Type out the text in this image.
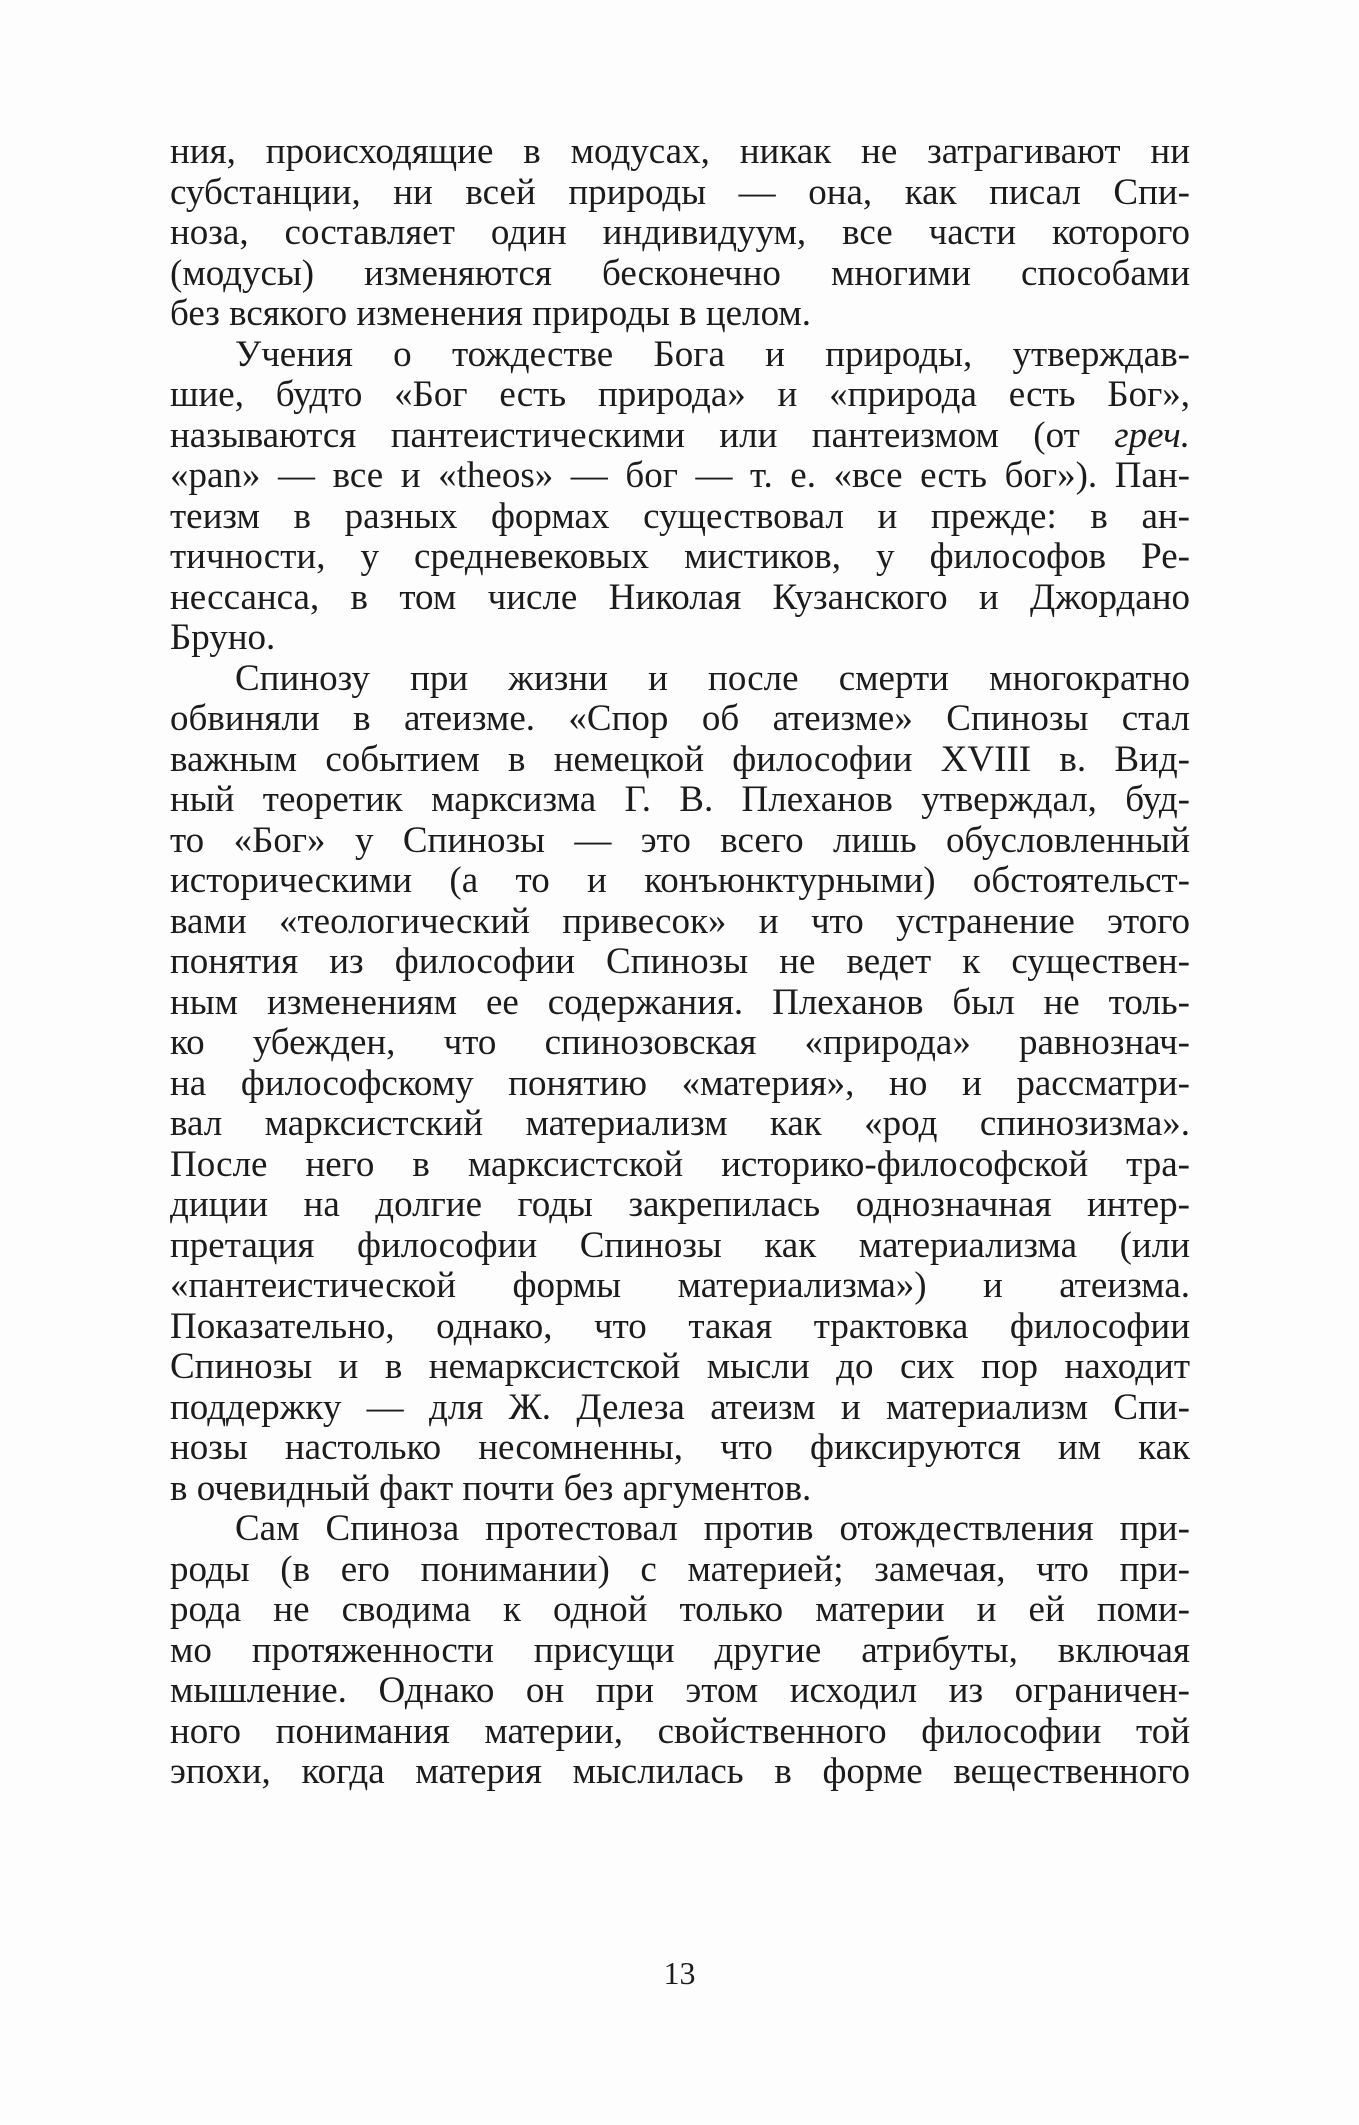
ния, происходящие в модусах, никак не затрагивают ни
субстанции, ни всей природы — она, как писал Спи-
ноза, составляет один индивидуум, все части которого
(модусы) изменяются бесконечно многими способами
без всякого изменения природы в целом.
Учения о тождестве Бога и природы, утверждав-
шие, будто «Бог есть природа» и «природа есть Бог»,
называются пантеистическими или пантеизмом (от греч.
«pan» — все и «theos» — бог — т. е. «все есть бог»). Пан-
теизм в разных формах существовал и прежде: в ан-
тичности, у средневековых мистиков, у философов Ре-
нессанса, в том числе Николая Кузанского и Джордано
Бруно.
Спинозу при жизни и после смерти многократно
обвиняли в атеизме. «Спор об атеизме» Спинозы стал
важным событием в немецкой философии XVIII в. Вид-
ный теоретик марксизма Г. В. Плеханов утверждал, буд-
то «Бог» у Спинозы — это всего лишь обусловленный
историческими (а то и конъюнктурными) обстоятельст-
вами «теологический привесок» и что устранение этого
понятия из философии Спинозы не ведет к существен-
ным изменениям ее содержания. Плеханов был не толь-
ко убежден, что спинозовская «природа» равнознач-
на философскому понятию «материя», но и рассматри-
вал марксистский материализм как «род спинозизма».
После него в марксистской историко-философской тра-
диции на долгие годы закрепилась однозначная интер-
претация философии Спинозы как материализма (или
«пантеистической формы материализма») и атеизма.
Показательно, однако, что такая трактовка философии
Спинозы и в немарксистской мысли до сих пор находит
поддержку — для Ж. Делеза атеизм и материализм Спи-
нозы настолько несомненны, что фиксируются им как
в очевидный факт почти без аргументов.
Сам Спиноза протестовал против отождествления при-
роды (в его понимании) с материей; замечая, что при-
рода не сводима к одной только материи и ей поми-
мо протяженности присущи другие атрибуты, включая
мышление. Однако он при этом исходил из ограничен-
ного понимания материи, свойственного философии той
эпохи, когда материя мыслилась в форме вещественного
13
